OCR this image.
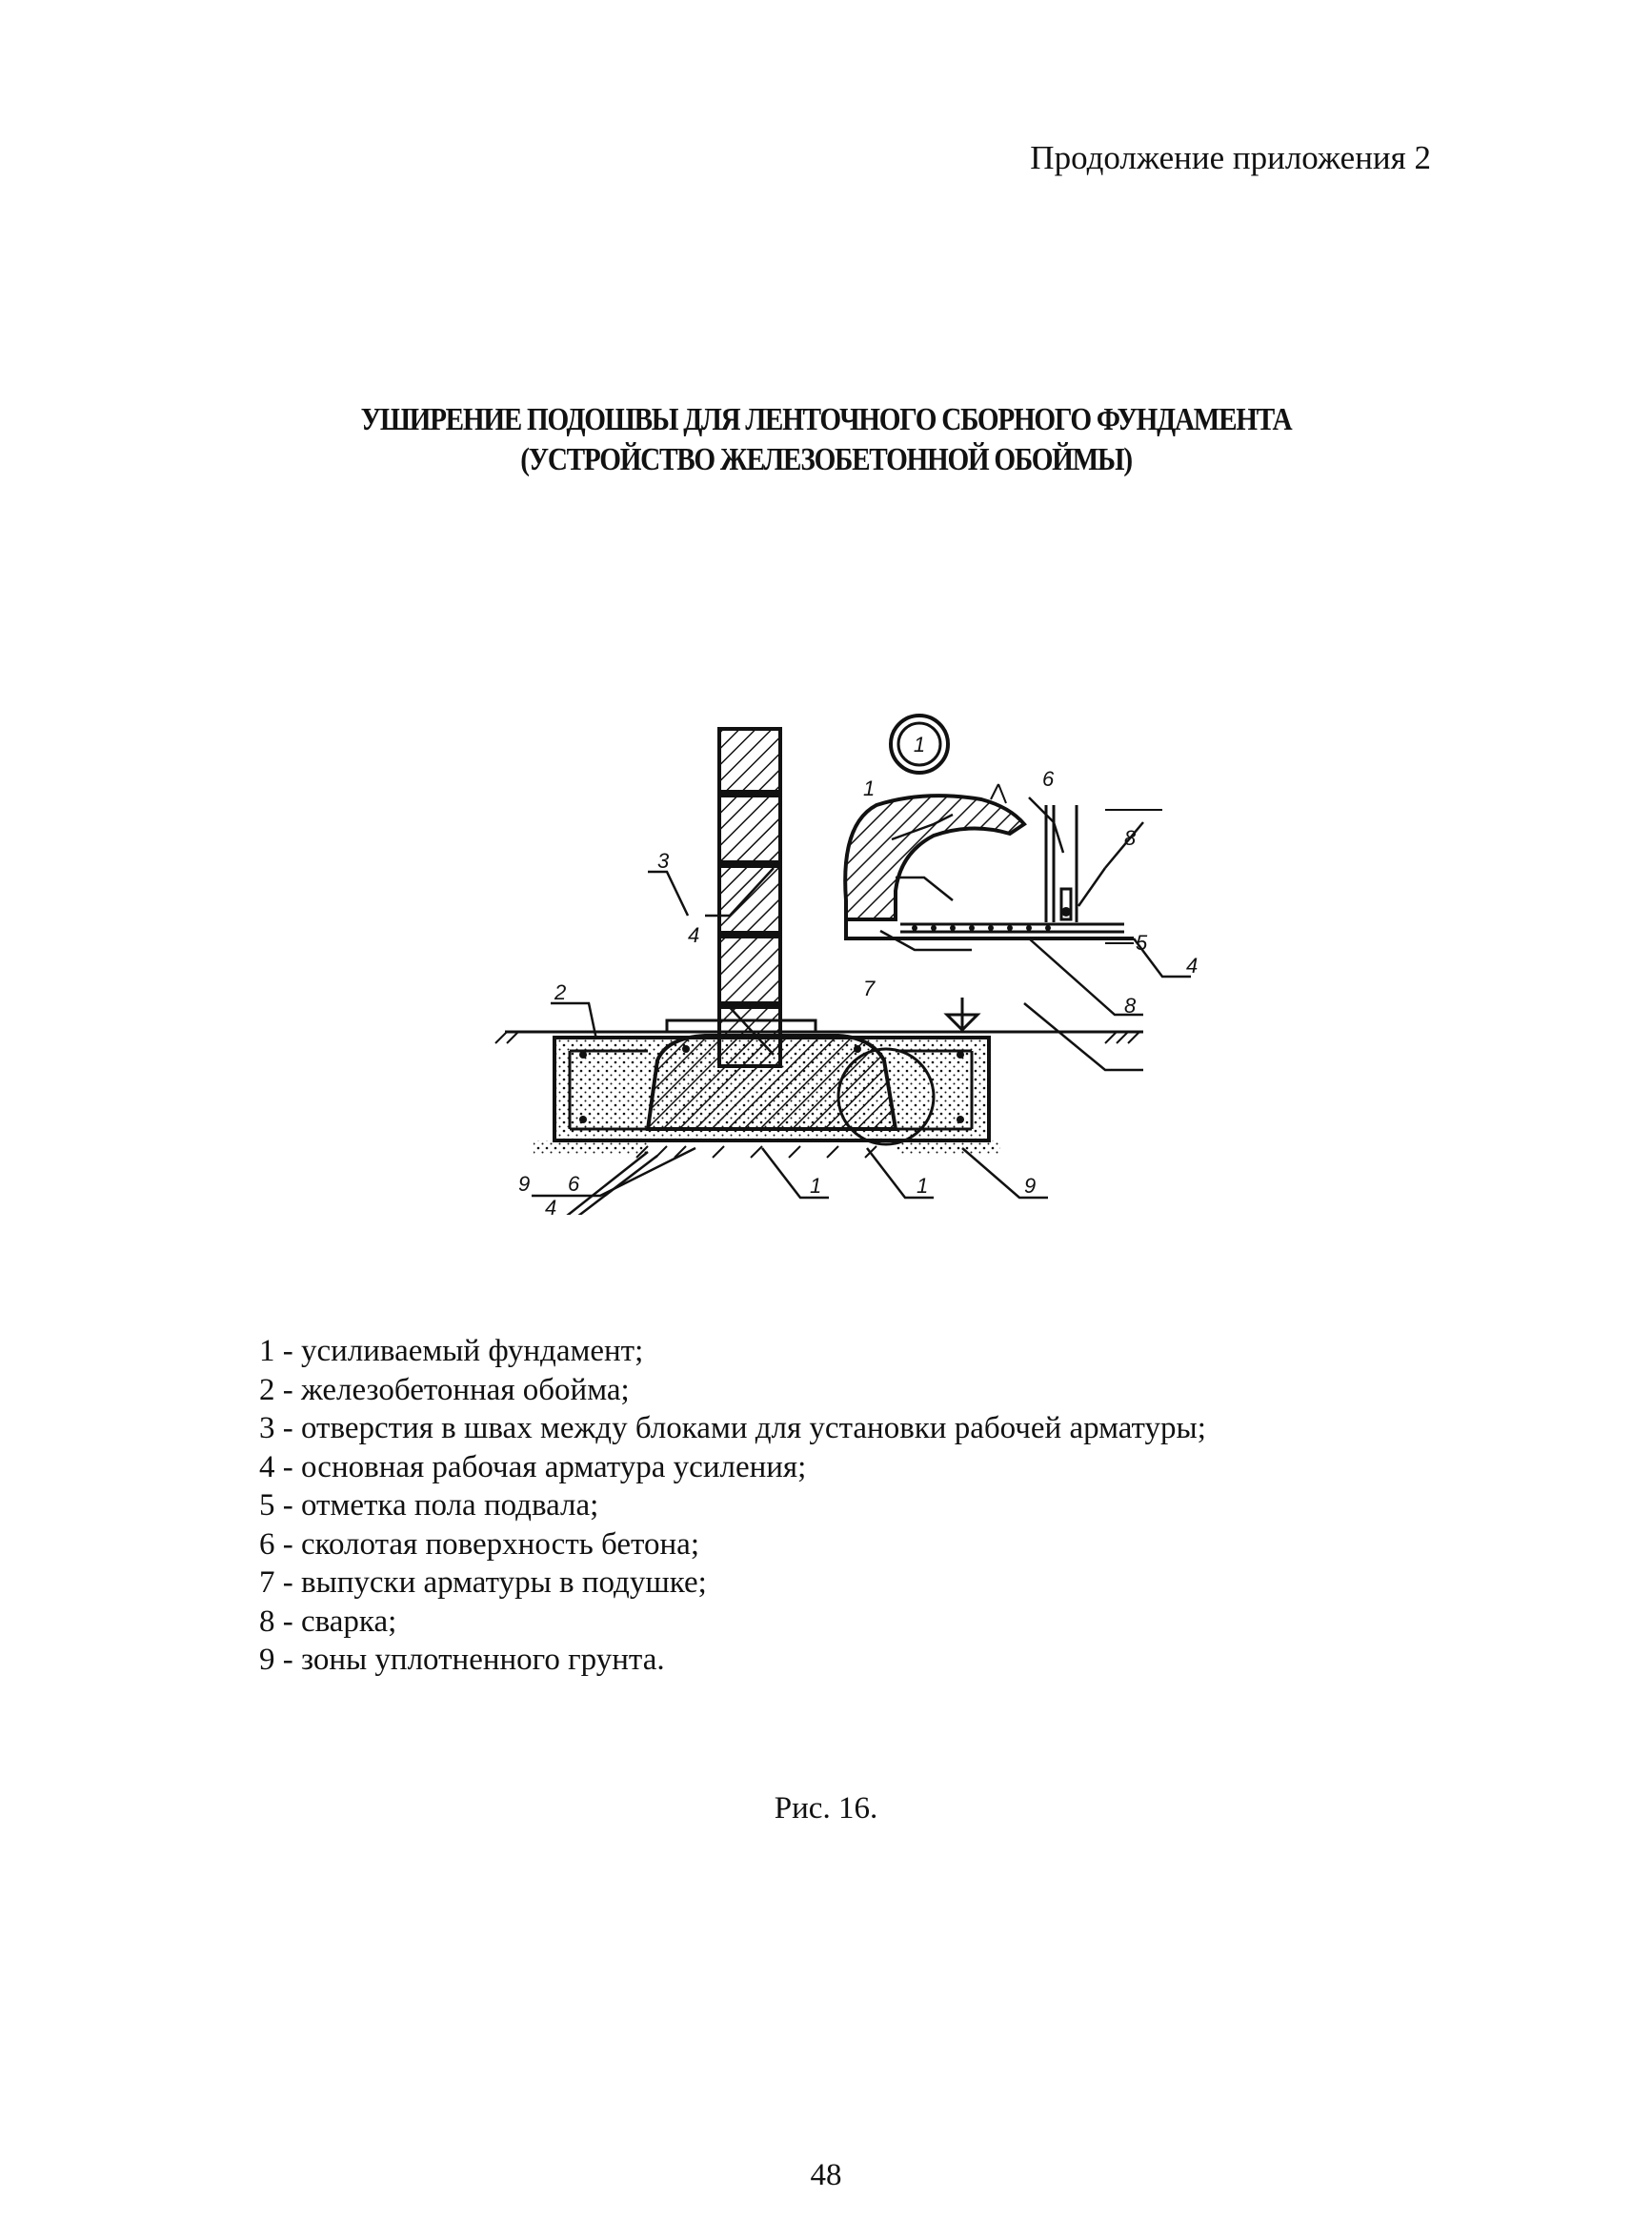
Продолжение приложения 2
УШИРЕНИЕ ПОДОШВЫ ДЛЯ ЛЕНТОЧНОГО СБОРНОГО ФУНДАМЕНТА
(УСТРОЙСТВО ЖЕЛЕЗОБЕТОННОЙ ОБОЙМЫ)
1
2
3
4	5
1	6
7
8
8
4
9 6
4
1	1	9
1 - усиливаемый фундамент;
2 - железобетонная обойма;
3 - отверстия в швах между блоками для установки рабочей арматуры;
4 - основная рабочая арматура усиления;
5 - отметка пола подвала;
6 - сколотая поверхность бетона;
7 - выпуски арматуры в подушке;
8 - сварка;
9 - зоны уплотненного грунта.
Рис. 16.
48
